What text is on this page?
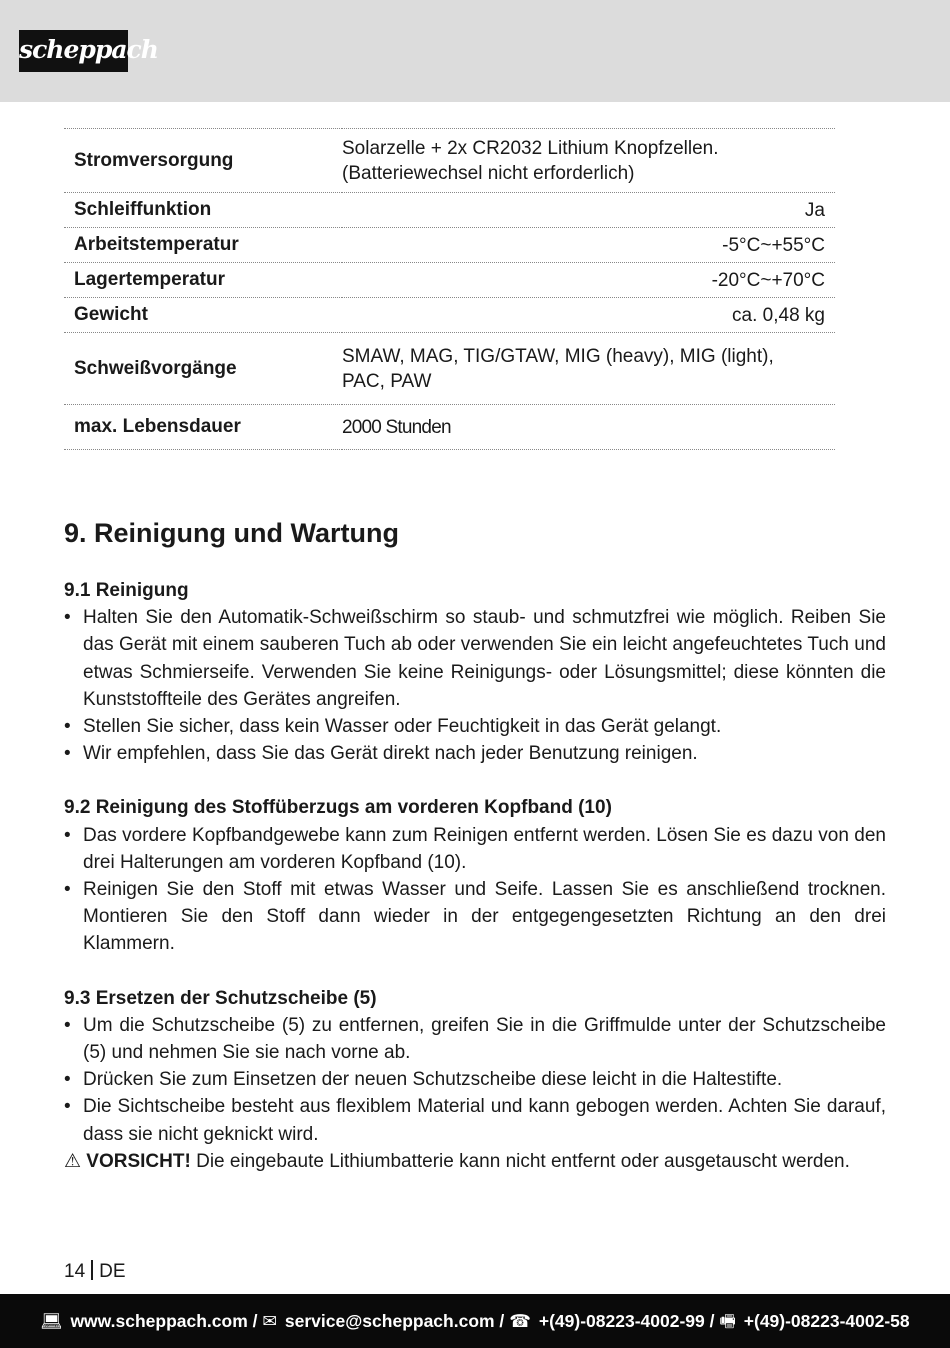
scheppach
Stromversorgung	Solarzelle + 2x CR2032 Lithium Knopfzellen.
(Batteriewechsel nicht erforderlich)

Schleiffunktion	Ja
Arbeitstemperatur	-5°C~+55°C
Lagertemperatur	-20°C~+70°C
Gewicht	ca. 0,48 kg
Schweißvorgänge	SMAW, MAG, TIG/GTAW, MIG (heavy), MIG (light),
PAC, PAW

max. Lebensdauer	2000 Stunden
9. Reinigung und Wartung

9.1 Reinigung

• Halten Sie den Automatik-Schweißschirm so staub- und schmutzfrei wie möglich. Reiben Sie das Gerät mit einem sauberen Tuch ab oder verwenden Sie ein leicht angefeuchtetes Tuch und etwas Schmierseife. Verwenden Sie keine Reinigungs- oder Lösungsmittel; diese könnten die Kunststoffteile des Gerätes angreifen.
• Stellen Sie sicher, dass kein Wasser oder Feuchtigkeit in das Gerät gelangt.
• Wir empfehlen, dass Sie das Gerät direkt nach jeder Benutzung reinigen.

9.2 Reinigung des Stoffüberzugs am vorderen Kopfband (10)

• Das vordere Kopfbandgewebe kann zum Reinigen entfernt werden. Lösen Sie es dazu von den drei Halterungen am vorderen Kopfband (10).
• Reinigen Sie den Stoff mit etwas Wasser und Seife. Lassen Sie es anschließend trocknen. Montieren Sie den Stoff dann wieder in der entgegengesetzten Richtung an den drei Klammern.

9.3 Ersetzen der Schutzscheibe (5)

• Um die Schutzscheibe (5) zu entfernen, greifen Sie in die Griffmulde unter der Schutzscheibe (5) und nehmen Sie sie nach vorne ab.
• Drücken Sie zum Einsetzen der neuen Schutzscheibe diese leicht in die Haltestifte.
• Die Sichtscheibe besteht aus flexiblem Material und kann gebogen werden. Achten Sie darauf, dass sie nicht geknickt wird.

⚠ VORSICHT! Die eingebaute Lithiumbatterie kann nicht entfernt oder ausgetauscht werden.

14 DE
💻︎ www.scheppach.com / ✉︎ service@scheppach.com / ☎︎ +(49)-08223-4002-99 / 🖷︎ +(49)-08223-4002-58
